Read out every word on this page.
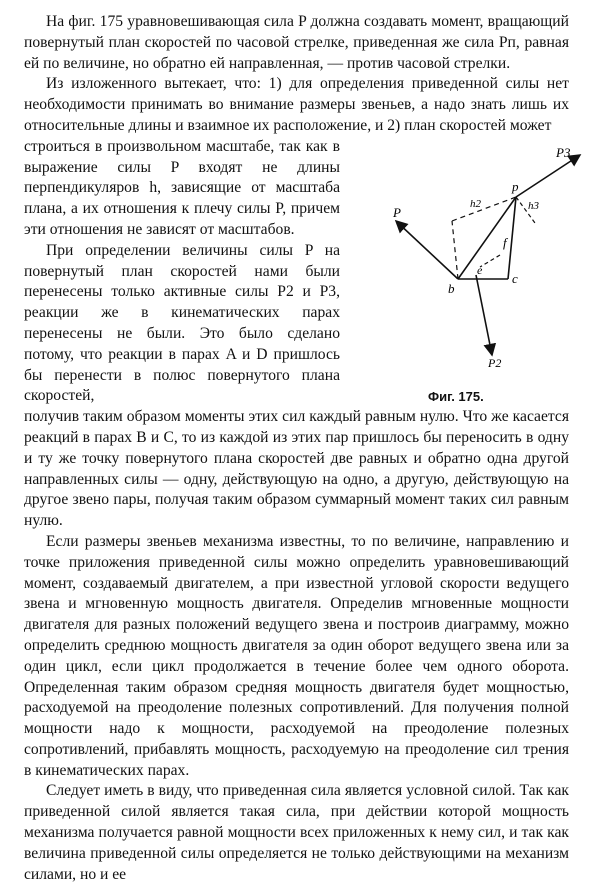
На фиг. 175 уравновешивающая сила P должна создавать момент, вращающий повернутый план скоростей по часовой стрелке, приведенная же сила Pп, равная ей по величине, но обратно ей направленная, — против часовой стрелки.

Из изложенного вытекает, что: 1) для определения приведенной силы нет необходимости принимать во внимание размеры звеньев, а надо знать лишь их относительные длины и взаимное их расположение, и 2) план скоростей может

строиться в произвольном масштабе, так как в выражение силы P входят не длины перпендикуляров h, зависящие от масштаба плана, а их отношения к плечу силы P, причем эти отношения не зависят от масштабов.

При определении величины силы P на повернутый план скоростей нами были перенесены только активные силы P2 и P3, реакции же в кинематических парах перенесены не были. Это было сделано потому, что реакции в парах A и D пришлось бы перенести в полюс повернутого плана скоростей,

P
p
P3
h2	h3
f
e
b
c
P2
Фиг. 175.

получив таким образом моменты этих сил каждый равным нулю. Что же касается реакций в парах B и C, то из каждой из этих пар пришлось бы переносить в одну и ту же точку повернутого плана скоростей две равных и обратно одна другой направленных силы — одну, действующую на одно, а другую, действующую на другое звено пары, получая таким образом суммарный момент таких сил равным нулю.

Если размеры звеньев механизма известны, то по величине, направлению и точке приложения приведенной силы можно определить уравновешивающий момент, создаваемый двигателем, а при известной угловой скорости ведущего звена и мгновенную мощность двигателя. Определив мгновенные мощности двигателя для разных положений ведущего звена и построив диаграмму, можно определить среднюю мощность двигателя за один оборот ведущего звена или за один цикл, если цикл продолжается в течение более чем одного оборота. Определенная таким образом средняя мощность двигателя будет мощностью, расходуемой на преодоление полезных сопротивлений. Для получения полной мощности надо к мощности, расходуемой на преодоление полезных сопротивлений, прибавлять мощность, расходуемую на преодоление сил трения в кинематических парах.

Следует иметь в виду, что приведенная сила является условной силой. Так как приведенной силой является такая сила, при действии которой мощность механизма получается равной мощности всех приложенных к нему сил, и так как величина приведенной силы определяется не только действующими на механизм силами, но и ее
